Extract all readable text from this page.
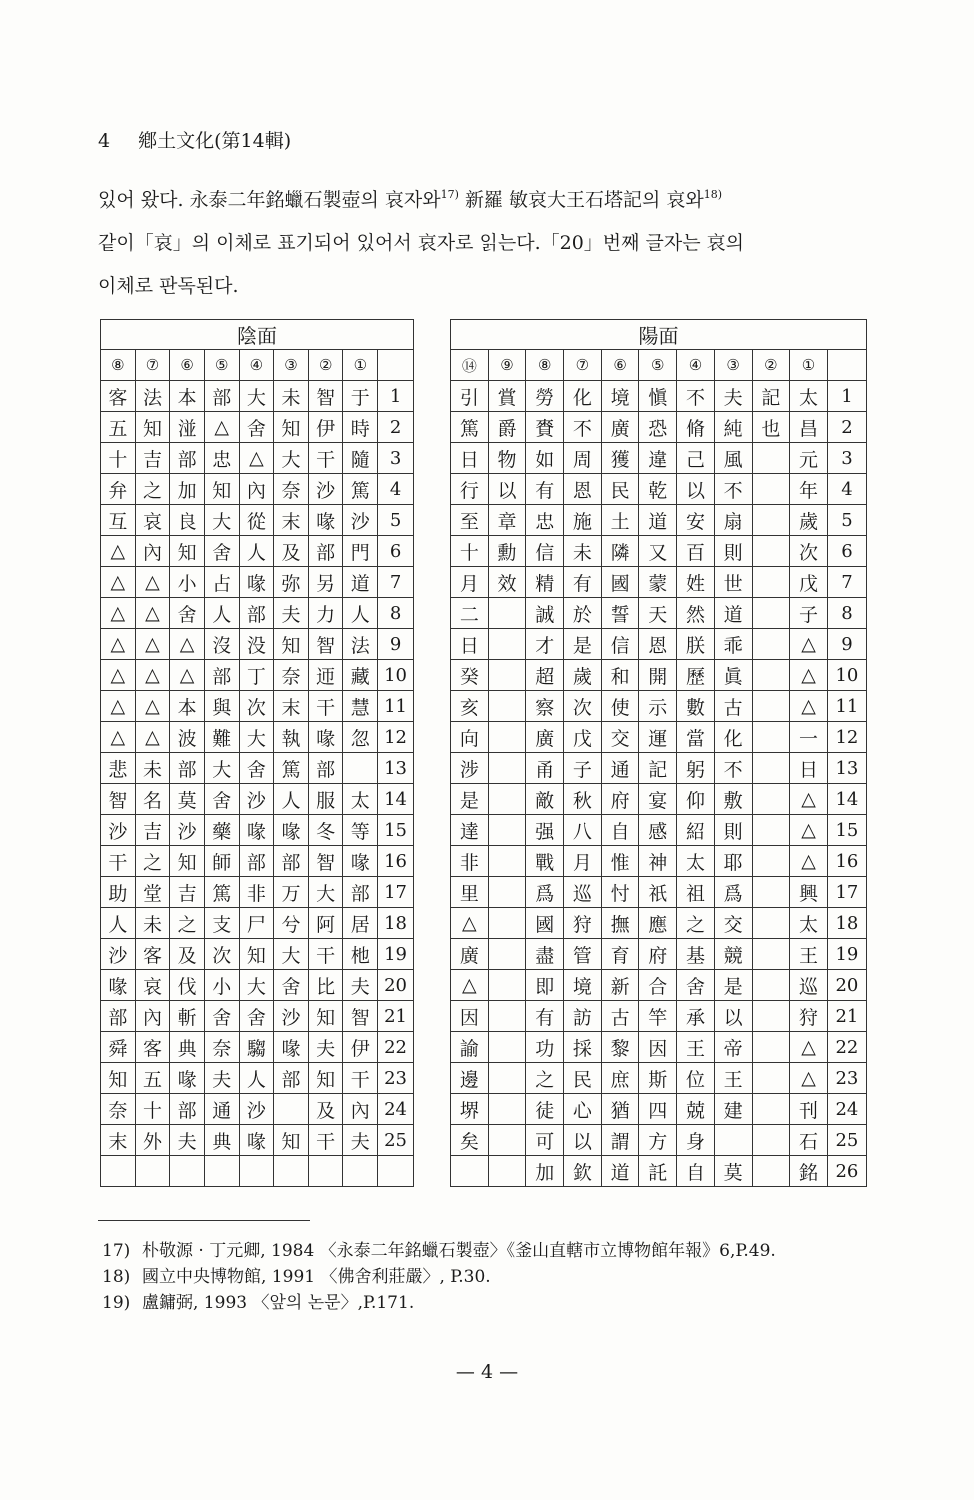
4 鄕土文化(第14輯)

있어 왔다. 永泰二年銘蠟石製壺의 哀자와$^{17)}$ 新羅 敏哀大王石塔記의 哀와$^{18)}$

같이「哀」의 이체로 표기되어 있어서 哀자로 읽는다.「20」번째 글자는 哀의

이체로 판독된다.

陰面								
⑧	⑦	⑥	⑤	④	③	②	①	
客	法	本	部	大	未	智	于	1
五	知	湴	△	舍	知	伊	時	2
十	吉	部	忠	△	大	干	隨	3
弁	之	加	知	內	奈	沙	篤	4
互	哀	良	大	從	末	喙	沙	5
△	內	知	舍	人	及	部	門	6
△	△	小	占	喙	弥	另	道	7
△	△	舍	人	部	夫	力	人	8
△	△	△	沒	没	知	智	法	9
△	△	△	部	丁	奈	迊	藏	10
△	△	本	與	次	末	干	慧	11
△	△	波	難	大	執	喙	忽	12
悲	未	部	大	舍	篤	部		13
智	名	莫	舍	沙	人	服	太	14
沙	吉	沙	藥	喙	喙	冬	等	15
干	之	知	師	部	部	智	喙	16
助	堂	吉	篤	非	万	大	部	17
人	未	之	支	尸	兮	阿	居	18
沙	客	及	次	知	大	干	杝	19
喙	哀	伐	小	大	舍	比	夫	20
部	內	斬	舍	舍	沙	知	智	21
舜	客	典	奈	騶	喙	夫	伊	22
知	五	喙	夫	人	部	知	干	23
奈	十	部	通	沙		及	內	24
末	外	夫	典	喙	知	干	夫	25

陽面										
⑭	⑨	⑧	⑦	⑥	⑤	④	③	②	①	
引	賞	勞	化	境	愼	不	夫	記	太	1
篤	爵	賚	不	廣	恐	脩	純	也	昌	2
日	物	如	周	獲	違	己	風		元	3
行	以	有	恩	民	乾	以	不		年	4
至	章	忠	施	土	道	安	扇		歲	5
十	勳	信	未	隣	又	百	則		次	6
月	效	精	有	國	蒙	姓	世		戊	7
二		誠	於	誓	天	然	道		子	8
日		才	是	信	恩	朕	乖		△	9
癸		超	歲	和	開	歷	眞		△	10
亥		察	次	使	示	數	古		△	11
向		廣	戊	交	運	當	化		一	12
涉		甬	子	通	記	躬	不		日	13
是		敵	秋	府	宴	仰	敷		△	14
達		强	八	自	感	紹	則		△	15
非		戰	月	惟	神	太	耶		△	16
里		爲	巡	忖	祇	祖	爲		興	17
△		國	狩	撫	應	之	交		太	18
廣		盡	管	育	府	基	競		王	19
△		即	境	新	合	舍	是		巡	20
因		有	訪	古	竿	承	以		狩	21
諭		功	採	黎	因	王	帝		△	22
邊		之	民	庶	斯	位	王		△	23
堺		徒	心	猶	四	兢	建		刊	24
矣		可	以	謂	方	身			石	25
		加	欽	道	託	自	莫		銘	26
17) 朴敬源 · 丁元卿, 1984 〈永泰二年銘蠟石製壺〉《釜山直轄市立博物館年報》6,P.49.
18) 國立中央博物館, 1991 〈佛舍利莊嚴〉, P.30.
19) 盧鏞弼, 1993 〈앞의 논문〉,P.171.
— 4 —
